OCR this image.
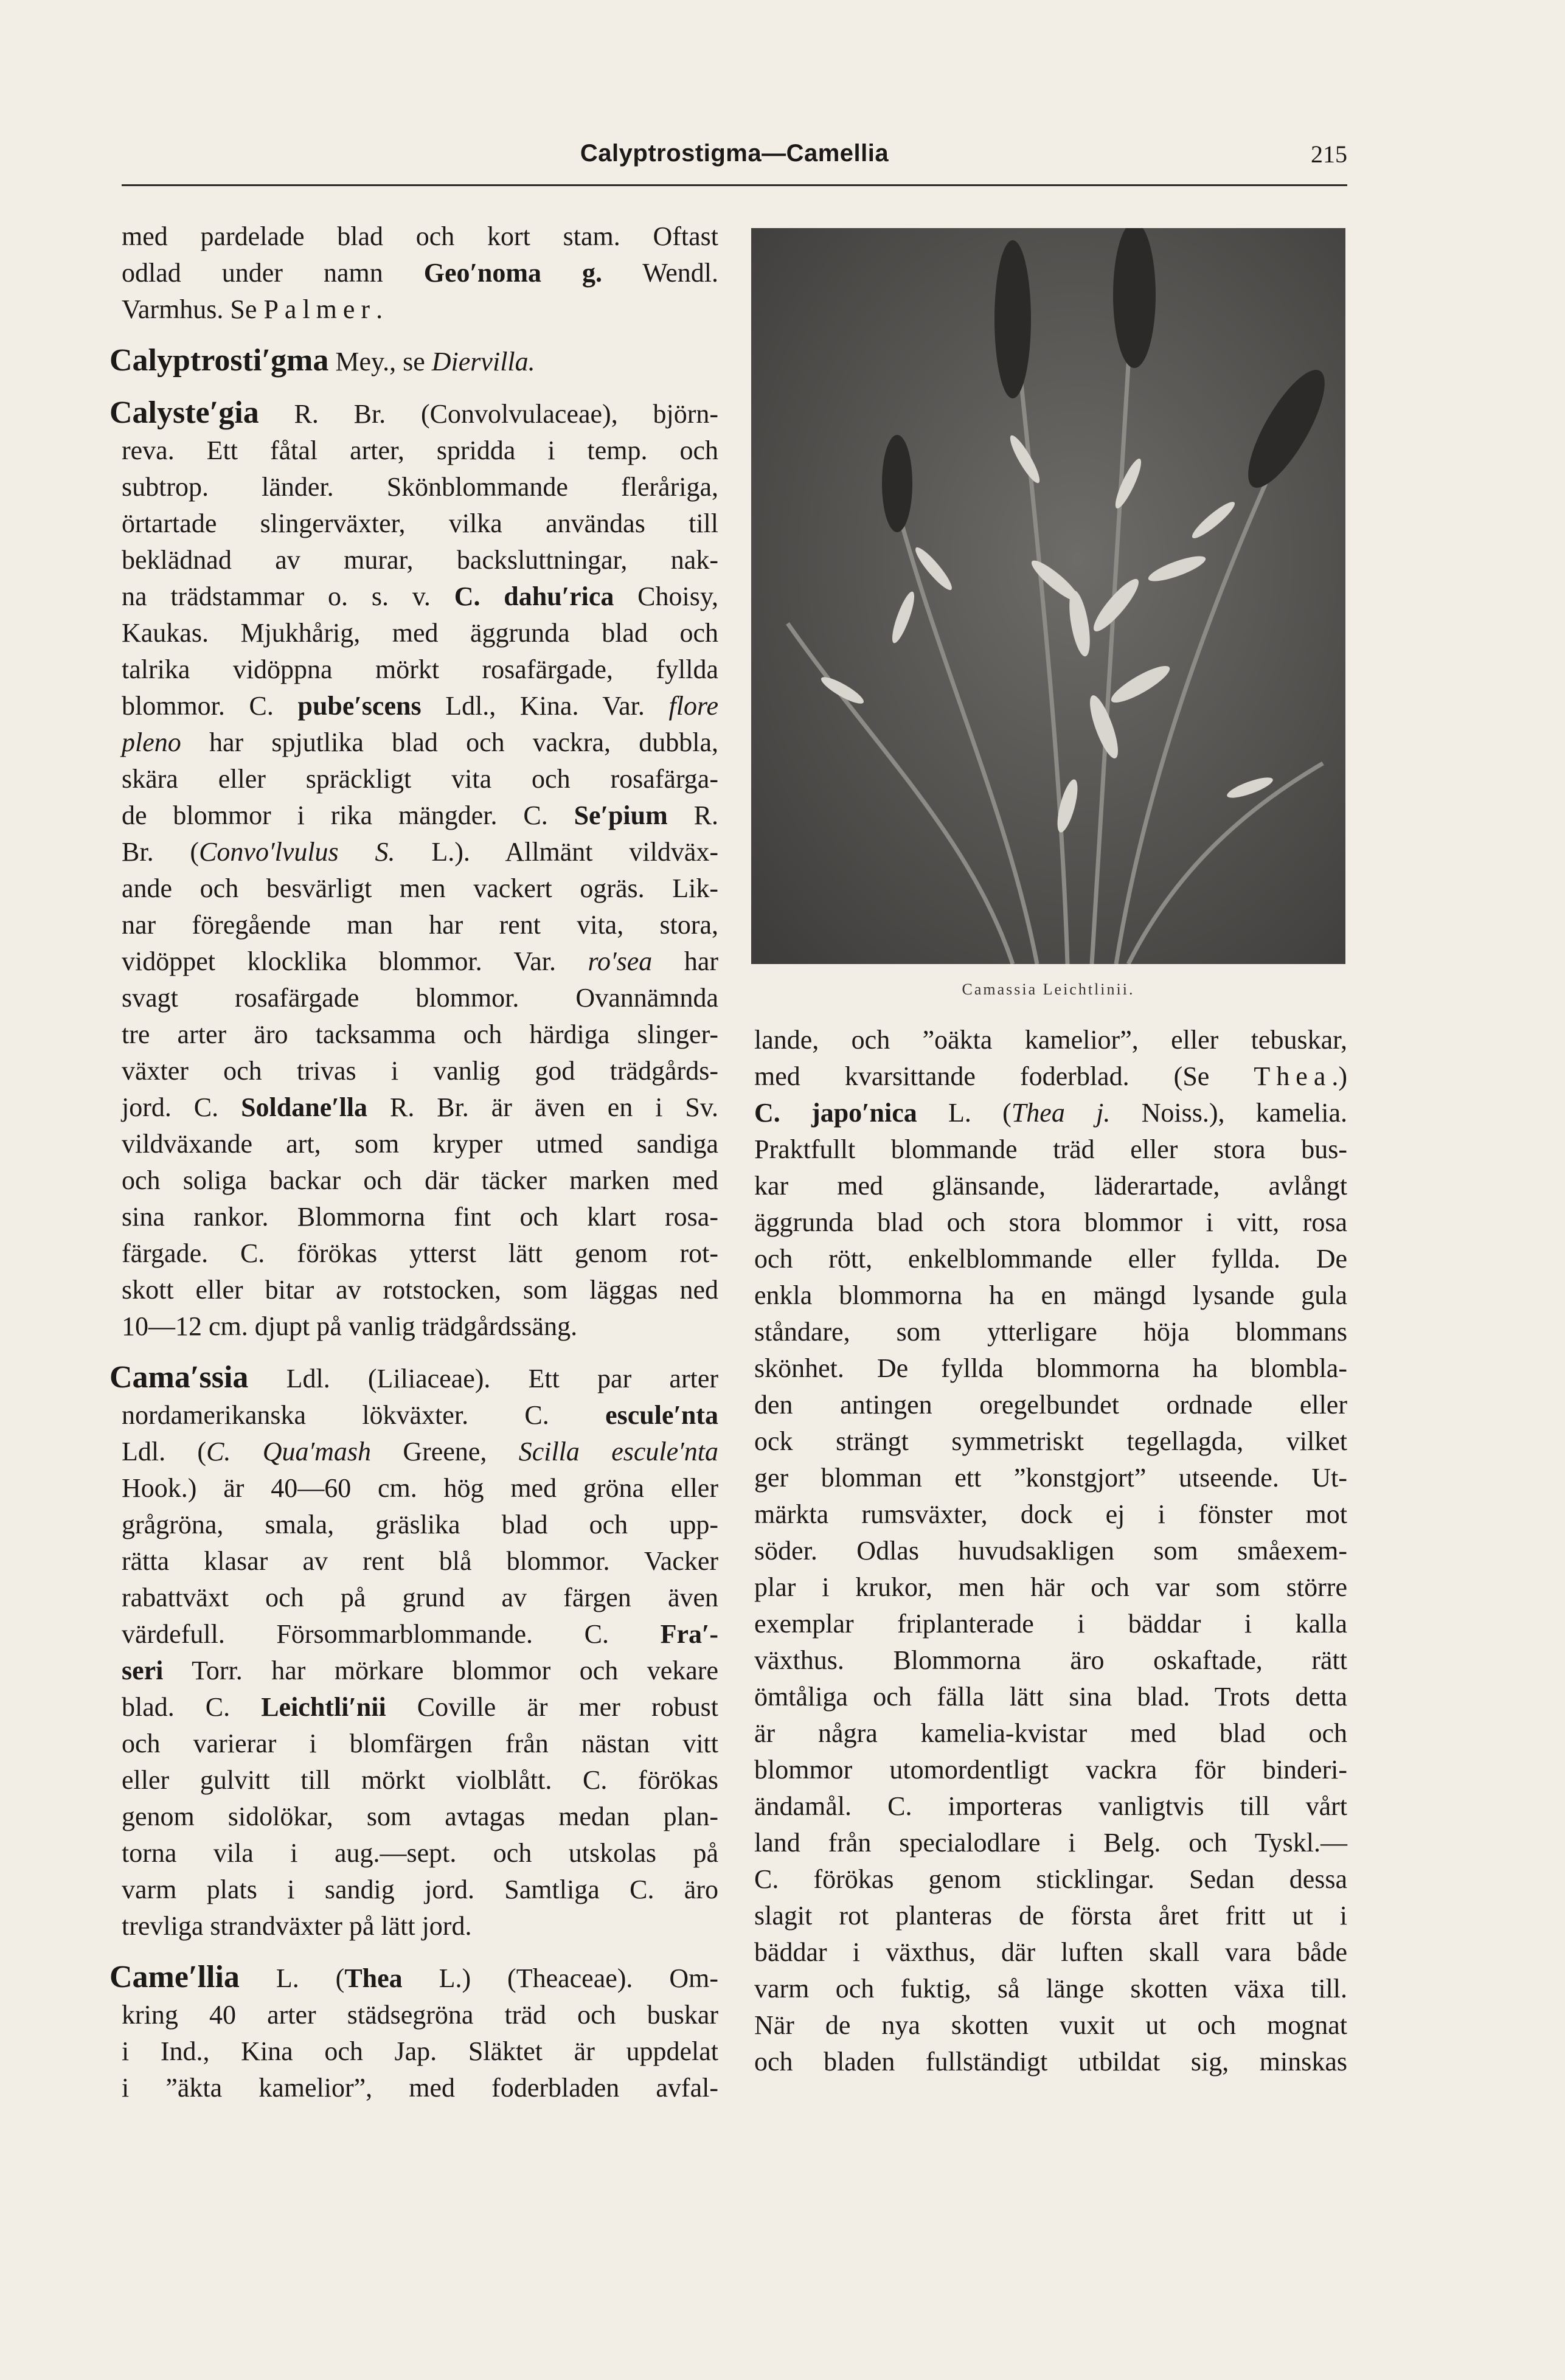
Calyptrostigma—Camellia	215
med pardelade blad och kort stam. Oftast
odlad under namn Geo′noma g. Wendl.
Varmhus. Se Palmer.
Calyptrosti′gma Mey., se Diervilla.
Calyste′gia R. Br. (Convolvulaceae), björn-
reva. Ett fåtal arter, spridda i temp. och
subtrop. länder. Skönblommande fleråriga,
örtartade slingerväxter, vilka användas till
beklädnad av murar, backsluttningar, nak-
na trädstammar o. s. v. C. dahu′rica Choisy,
Kaukas. Mjukhårig, med äggrunda blad och
talrika vidöppna mörkt rosafärgade, fyllda
blommor. C. pube′scens Ldl., Kina. Var. flore
pleno har spjutlika blad och vackra, dubbla,
skära eller spräckligt vita och rosafärga-
de blommor i rika mängder. C. Se′pium R.
Br. (Convo′lvulus S. L.). Allmänt vildväx-
ande och besvärligt men vackert ogräs. Lik-
nar föregående man har rent vita, stora,
vidöppet klocklika blommor. Var. ro′sea har
svagt rosafärgade blommor. Ovannämnda
tre arter äro tacksamma och härdiga slinger-
växter och trivas i vanlig god trädgårds-
jord. C. Soldane′lla R. Br. är även en i Sv.
vildväxande art, som kryper utmed sandiga
och soliga backar och där täcker marken med
sina rankor. Blommorna fint och klart rosa-
färgade. C. förökas ytterst lätt genom rot-
skott eller bitar av rotstocken, som läggas ned
10—12 cm. djupt på vanlig trädgårdssäng.
Cama′ssia Ldl. (Liliaceae). Ett par arter
nordamerikanska lökväxter. C. escule′nta
Ldl. (C. Qua′mash Greene, Scilla escule′nta
Hook.) är 40—60 cm. hög med gröna eller
grågröna, smala, gräslika blad och upp-
rätta klasar av rent blå blommor. Vacker
rabattväxt och på grund av färgen även
värdefull. Försommarblommande. C. Fra′-
seri Torr. har mörkare blommor och vekare
blad. C. Leichtli′nii Coville är mer robust
och varierar i blomfärgen från nästan vitt
eller gulvitt till mörkt violblått. C. förökas
genom sidolökar, som avtagas medan plan-
torna vila i aug.—sept. och utskolas på
varm plats i sandig jord. Samtliga C. äro
trevliga strandväxter på lätt jord.
Came′llia L. (Thea L.) (Theaceae). Om-
kring 40 arter städsegröna träd och buskar
i Ind., Kina och Jap. Släktet är uppdelat
i ”äkta kamelior”, med foderbladen avfal-
Camassia Leichtlinii.
lande, och ”oäkta kamelior”, eller tebuskar,
med kvarsittande foderblad. (Se Thea.)
C. japo′nica L. (Thea j. Noiss.), kamelia.
Praktfullt blommande träd eller stora bus-
kar med glänsande, läderartade, avlångt
äggrunda blad och stora blommor i vitt, rosa
och rött, enkelblommande eller fyllda. De
enkla blommorna ha en mängd lysande gula
ståndare, som ytterligare höja blommans
skönhet. De fyllda blommorna ha blombla-
den antingen oregelbundet ordnade eller
ock strängt symmetriskt tegellagda, vilket
ger blomman ett ”konstgjort” utseende. Ut-
märkta rumsväxter, dock ej i fönster mot
söder. Odlas huvudsakligen som småexem-
plar i krukor, men här och var som större
exemplar friplanterade i bäddar i kalla
växthus. Blommorna äro oskaftade, rätt
ömtåliga och fälla lätt sina blad. Trots detta
är några kamelia-kvistar med blad och
blommor utomordentligt vackra för binderi-
ändamål. C. importeras vanligtvis till vårt
land från specialodlare i Belg. och Tyskl.—
C. förökas genom sticklingar. Sedan dessa
slagit rot planteras de första året fritt ut i
bäddar i växthus, där luften skall vara både
varm och fuktig, så länge skotten växa till.
När de nya skotten vuxit ut och mognat
och bladen fullständigt utbildat sig, minskas
